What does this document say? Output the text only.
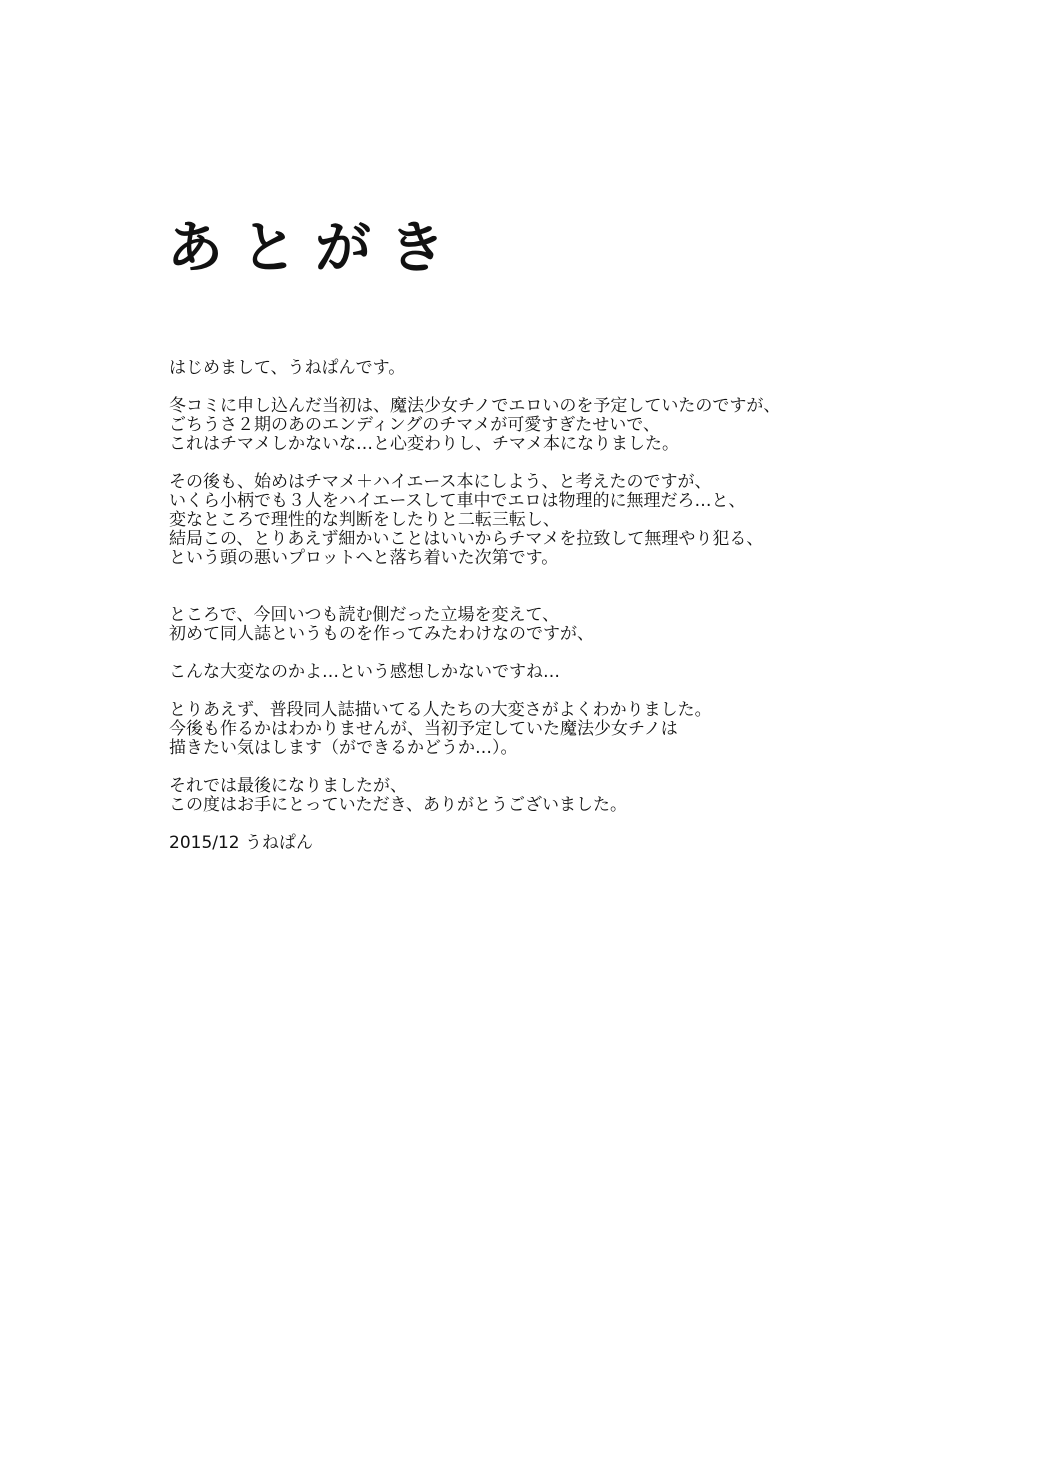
あとがき
はじめまして、うねぱんです。
冬コミに申し込んだ当初は、魔法少女チノでエロいのを予定していたのですが、
ごちうさ２期のあのエンディングのチマメが可愛すぎたせいで、
これはチマメしかないな…と心変わりし、チマメ本になりました。
その後も、始めはチマメ＋ハイエース本にしよう、と考えたのですが、
いくら小柄でも３人をハイエースして車中でエロは物理的に無理だろ…と、
変なところで理性的な判断をしたりと二転三転し、
結局この、とりあえず細かいことはいいからチマメを拉致して無理やり犯る、
という頭の悪いプロットへと落ち着いた次第です。
ところで、今回いつも読む側だった立場を変えて、
初めて同人誌というものを作ってみたわけなのですが、
こんな大変なのかよ…という感想しかないですね…
とりあえず、普段同人誌描いてる人たちの大変さがよくわかりました。
今後も作るかはわかりませんが、当初予定していた魔法少女チノは
描きたい気はします（ができるかどうか…）。
それでは最後になりましたが、
この度はお手にとっていただき、ありがとうございました。
2015/12 うねぱん
